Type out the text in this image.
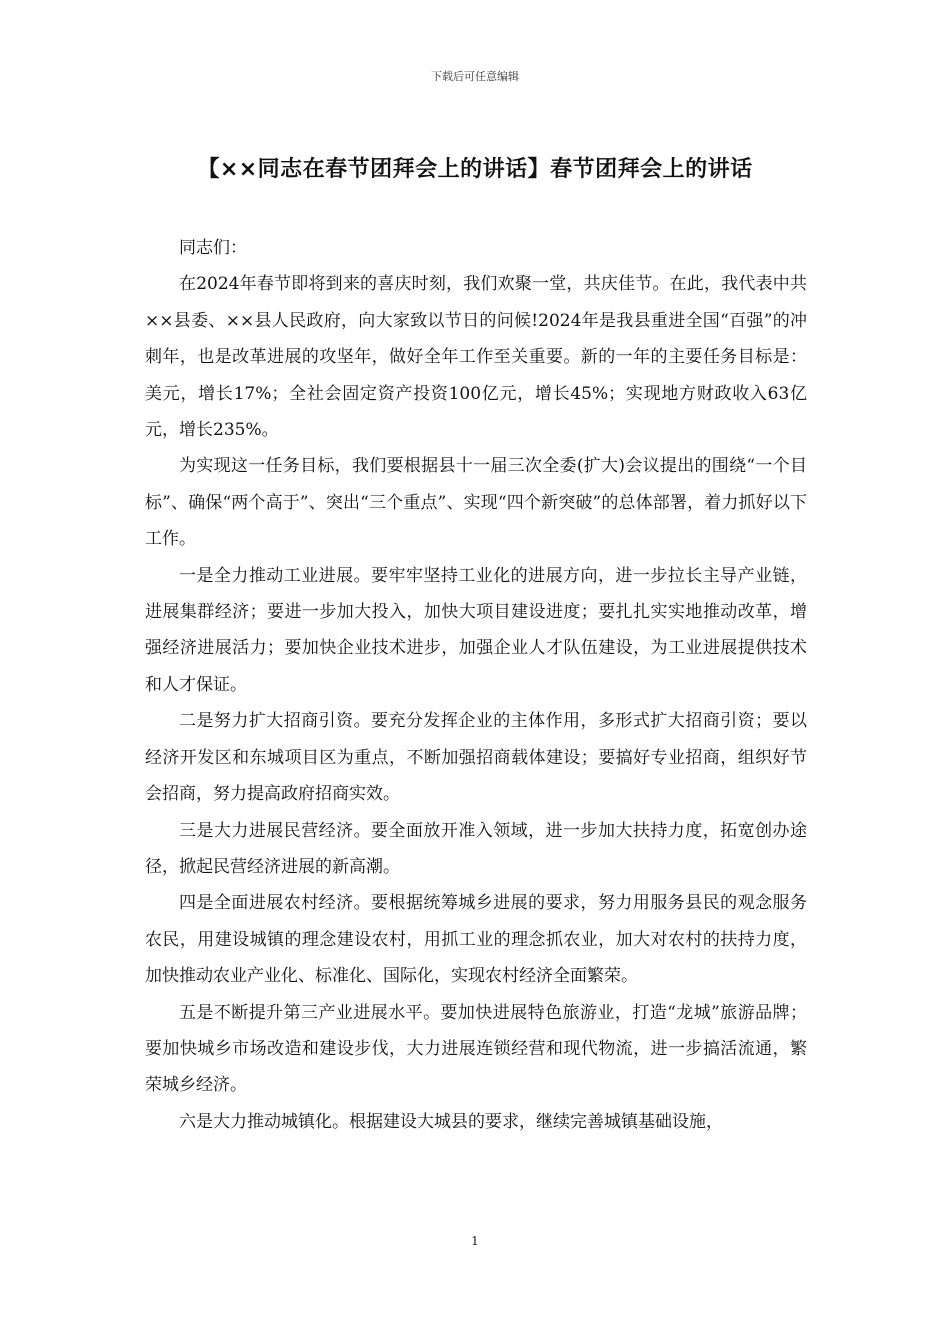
下载后可任意编辑
【××同志在春节团拜会上的讲话】春节团拜会上的讲话

同志们：

在2024年春节即将到来的喜庆时刻，我们欢聚一堂，共庆佳节。在此，我代表中共××县委、××县人民政府，向大家致以节日的问候!2024年是我县重进全国“百强”的冲刺年，也是改革进展的攻坚年，做好全年工作至关重要。新的一年的主要任务目标是：美元，增长17%；全社会固定资产投资100亿元，增长45%；实现地方财政收入63亿元，增长235%。

为实现这一任务目标，我们要根据县十一届三次全委(扩大)会议提出的围绕“一个目标”、确保“两个高于”、突出“三个重点”、实现“四个新突破”的总体部署，着力抓好以下工作。

一是全力推动工业进展。要牢牢坚持工业化的进展方向，进一步拉长主导产业链，进展集群经济；要进一步加大投入，加快大项目建设进度；要扎扎实实地推动改革，增强经济进展活力；要加快企业技术进步，加强企业人才队伍建设，为工业进展提供技术和人才保证。

二是努力扩大招商引资。要充分发挥企业的主体作用，多形式扩大招商引资；要以经济开发区和东城项目区为重点，不断加强招商载体建设；要搞好专业招商，组织好节会招商，努力提高政府招商实效。

三是大力进展民营经济。要全面放开准入领域，进一步加大扶持力度，拓宽创办途径，掀起民营经济进展的新高潮。

四是全面进展农村经济。要根据统筹城乡进展的要求，努力用服务县民的观念服务农民，用建设城镇的理念建设农村，用抓工业的理念抓农业，加大对农村的扶持力度，加快推动农业产业化、标准化、国际化，实现农村经济全面繁荣。

五是不断提升第三产业进展水平。要加快进展特色旅游业，打造“龙城”旅游品牌；要加快城乡市场改造和建设步伐，大力进展连锁经营和现代物流，进一步搞活流通，繁荣城乡经济。

六是大力推动城镇化。根据建设大城县的要求，继续完善城镇基础设施，

1
